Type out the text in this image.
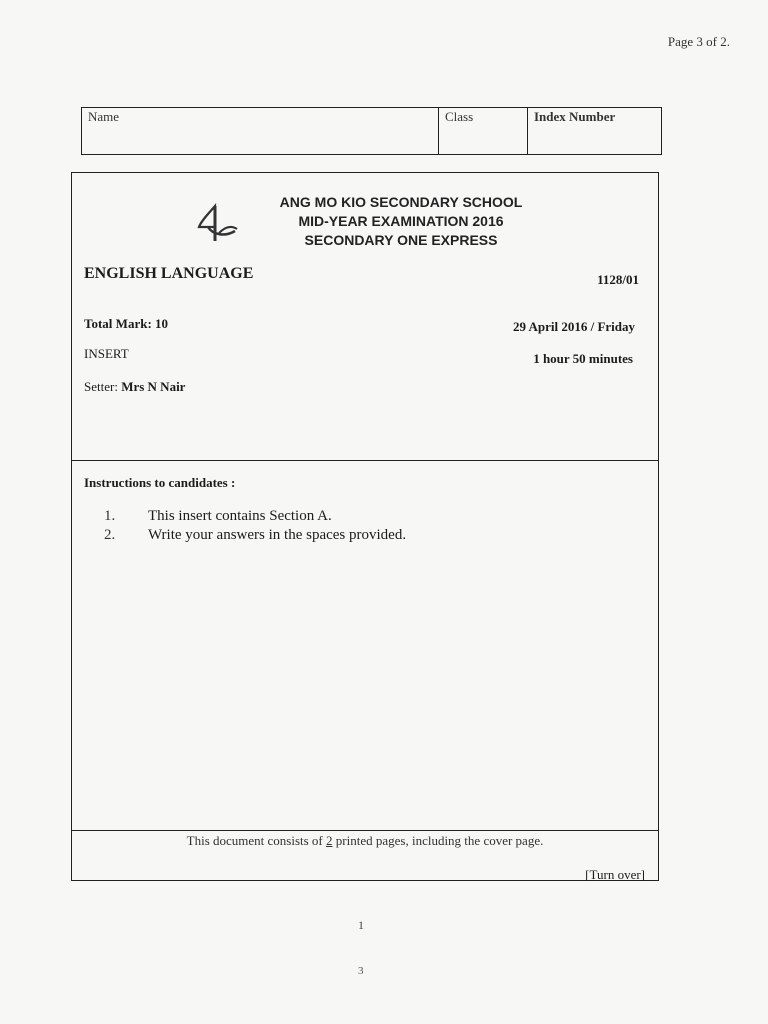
Page 3 of 2.
Name	Class	Index Number
ANG MO KIO SECONDARY SCHOOL
MID-YEAR EXAMINATION 2016
SECONDARY ONE EXPRESS
ENGLISH LANGUAGE	1128/01
Total Mark: 10	29 April 2016 / Friday
INSERT	1 hour 50 minutes
Setter: Mrs N Nair
Instructions to candidates :
1.	This insert contains Section A.
2.	Write your answers in the spaces provided.
This document consists of 2 printed pages, including the cover page.
[Turn over]
1
3
